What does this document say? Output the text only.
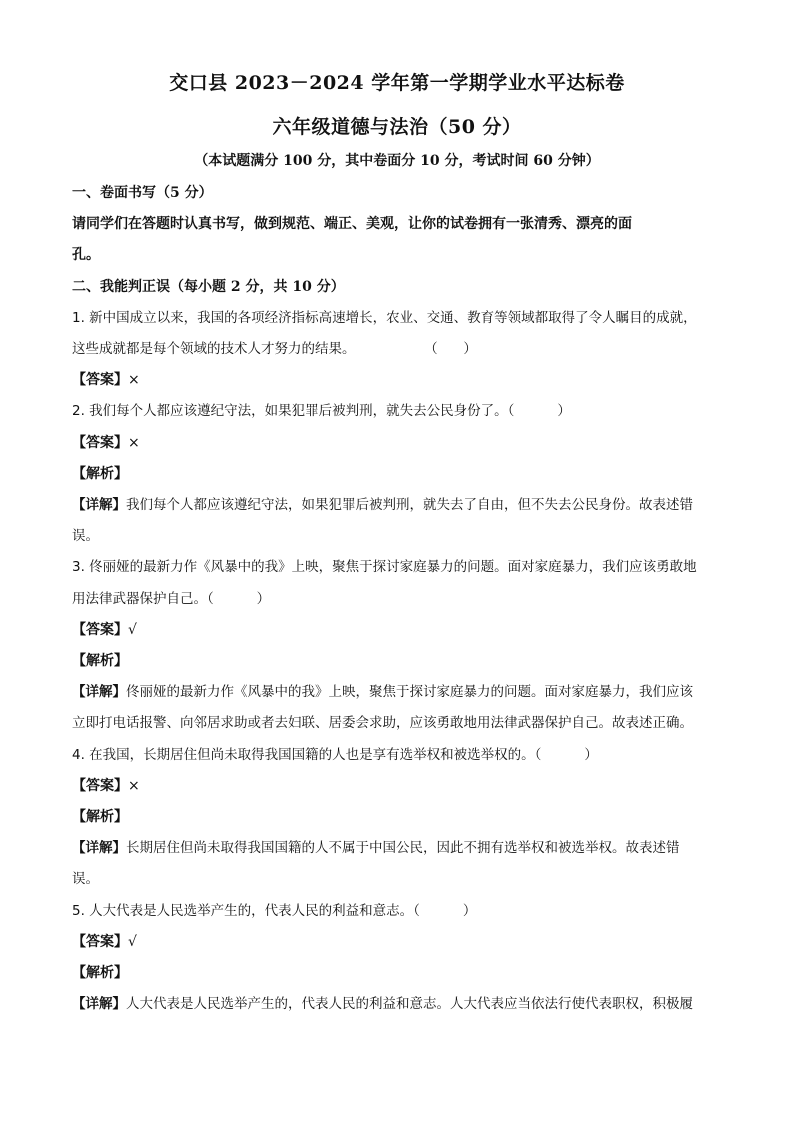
交口县 2023－2024 学年第一学期学业水平达标卷
六年级道德与法治（50 分）
（本试题满分 100 分，其中卷面分 10 分，考试时间 60 分钟）

一、卷面书写（5 分）

请同学们在答题时认真书写，做到规范、端正、美观，让你的试卷拥有一张清秀、漂亮的面

孔。

二、我能判正误（每小题 2 分，共 10 分）

1. 新中国成立以来，我国的各项经济指标高速增长，农业、交通、教育等领域都取得了令人瞩目的成就，

这些成就都是每个领域的技术人才努力的结果。                （      ）

【答案】×

2. 我们每个人都应该遵纪守法，如果犯罪后被判刑，就失去公民身份了。（          ）

【答案】×

【解析】

【详解】我们每个人都应该遵纪守法，如果犯罪后被判刑，就失去了自由，但不失去公民身份。故表述错

误。

3. 佟丽娅的最新力作《风暴中的我》上映，聚焦于探讨家庭暴力的问题。面对家庭暴力，我们应该勇敢地

用法律武器保护自己。（          ）

【答案】√

【解析】

【详解】佟丽娅的最新力作《风暴中的我》上映，聚焦于探讨家庭暴力的问题。面对家庭暴力，我们应该

立即打电话报警、向邻居求助或者去妇联、居委会求助，应该勇敢地用法律武器保护自己。故表述正确。

4. 在我国，长期居住但尚未取得我国国籍的人也是享有选举权和被选举权的。（          ）

【答案】×

【解析】

【详解】长期居住但尚未取得我国国籍的人不属于中国公民，因此不拥有选举权和被选举权。故表述错

误。

5. 人大代表是人民选举产生的，代表人民的利益和意志。（          ）

【答案】√

【解析】

【详解】人大代表是人民选举产生的，代表人民的利益和意志。人大代表应当依法行使代表职权，积极履
